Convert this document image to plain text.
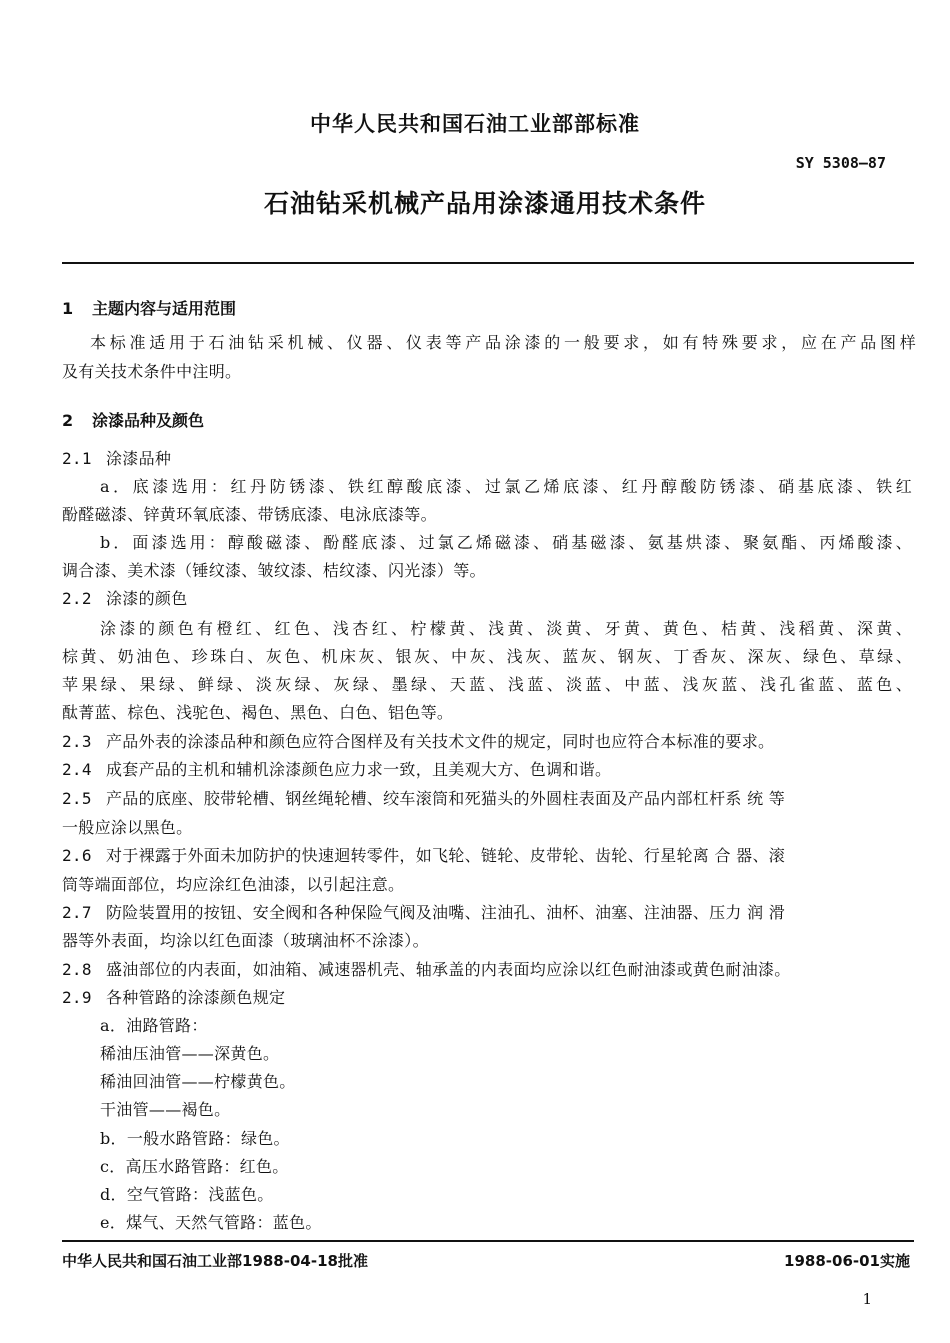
中华人民共和国石油工业部部标准
SY 5308—87
石油钻采机械产品用涂漆通用技术条件
1 主题内容与适用范围
本标准适用于石油钻采机械、仪器、仪表等产品涂漆的一般要求，如有特殊要求，应在产品图样
及有关技术条件中注明。
2 涂漆品种及颜色
2.1 涂漆品种
a．底漆选用：红丹防锈漆、铁红醇酸底漆、过氯乙烯底漆、红丹醇酸防锈漆、硝基底漆、铁红
酚醛磁漆、锌黄环氧底漆、带锈底漆、电泳底漆等。
b．面漆选用：醇酸磁漆、酚醛底漆、过氯乙烯磁漆、硝基磁漆、氨基烘漆、聚氨酯、丙烯酸漆、
调合漆、美术漆（锤纹漆、皱纹漆、桔纹漆、闪光漆）等。
2.2 涂漆的颜色
涂漆的颜色有橙红、红色、浅杏红、柠檬黄、浅黄、淡黄、牙黄、黄色、桔黄、浅稻黄、深黄、
棕黄、奶油色、珍珠白、灰色、机床灰、银灰、中灰、浅灰、蓝灰、钢灰、丁香灰、深灰、绿色、草绿、
苹果绿、果绿、鲜绿、淡灰绿、灰绿、墨绿、天蓝、浅蓝、淡蓝、中蓝、浅灰蓝、浅孔雀蓝、蓝色、
酞菁蓝、棕色、浅驼色、褐色、黑色、白色、铝色等。
2.3 产品外表的涂漆品种和颜色应符合图样及有关技术文件的规定，同时也应符合本标准的要求。
2.4 成套产品的主机和辅机涂漆颜色应力求一致，且美观大方、色调和谐。
2.5 产品的底座、胶带轮槽、钢丝绳轮槽、绞车滚筒和死猫头的外圆柱表面及产品内部杠杆系 统 等
一般应涂以黑色。
2.6 对于裸露于外面未加防护的快速迴转零件，如飞轮、链轮、皮带轮、齿轮、行星轮离 合 器、滚
筒等端面部位，均应涂红色油漆，以引起注意。
2.7 防险装置用的按钮、安全阀和各种保险气阀及油嘴、注油孔、油杯、油塞、注油器、压力 润 滑
器等外表面，均涂以红色面漆（玻璃油杯不涂漆）。
2.8 盛油部位的内表面，如油箱、减速器机壳、轴承盖的内表面均应涂以红色耐油漆或黄色耐油漆。
2.9 各种管路的涂漆颜色规定
a．油路管路：
稀油压油管——深黄色。
稀油回油管——柠檬黄色。
干油管——褐色。
b．一般水路管路：绿色。
c．高压水路管路：红色。
d．空气管路：浅蓝色。
e．煤气、天然气管路：蓝色。
中华人民共和国石油工业部1988-04-18批准	1988-06-01实施
1
